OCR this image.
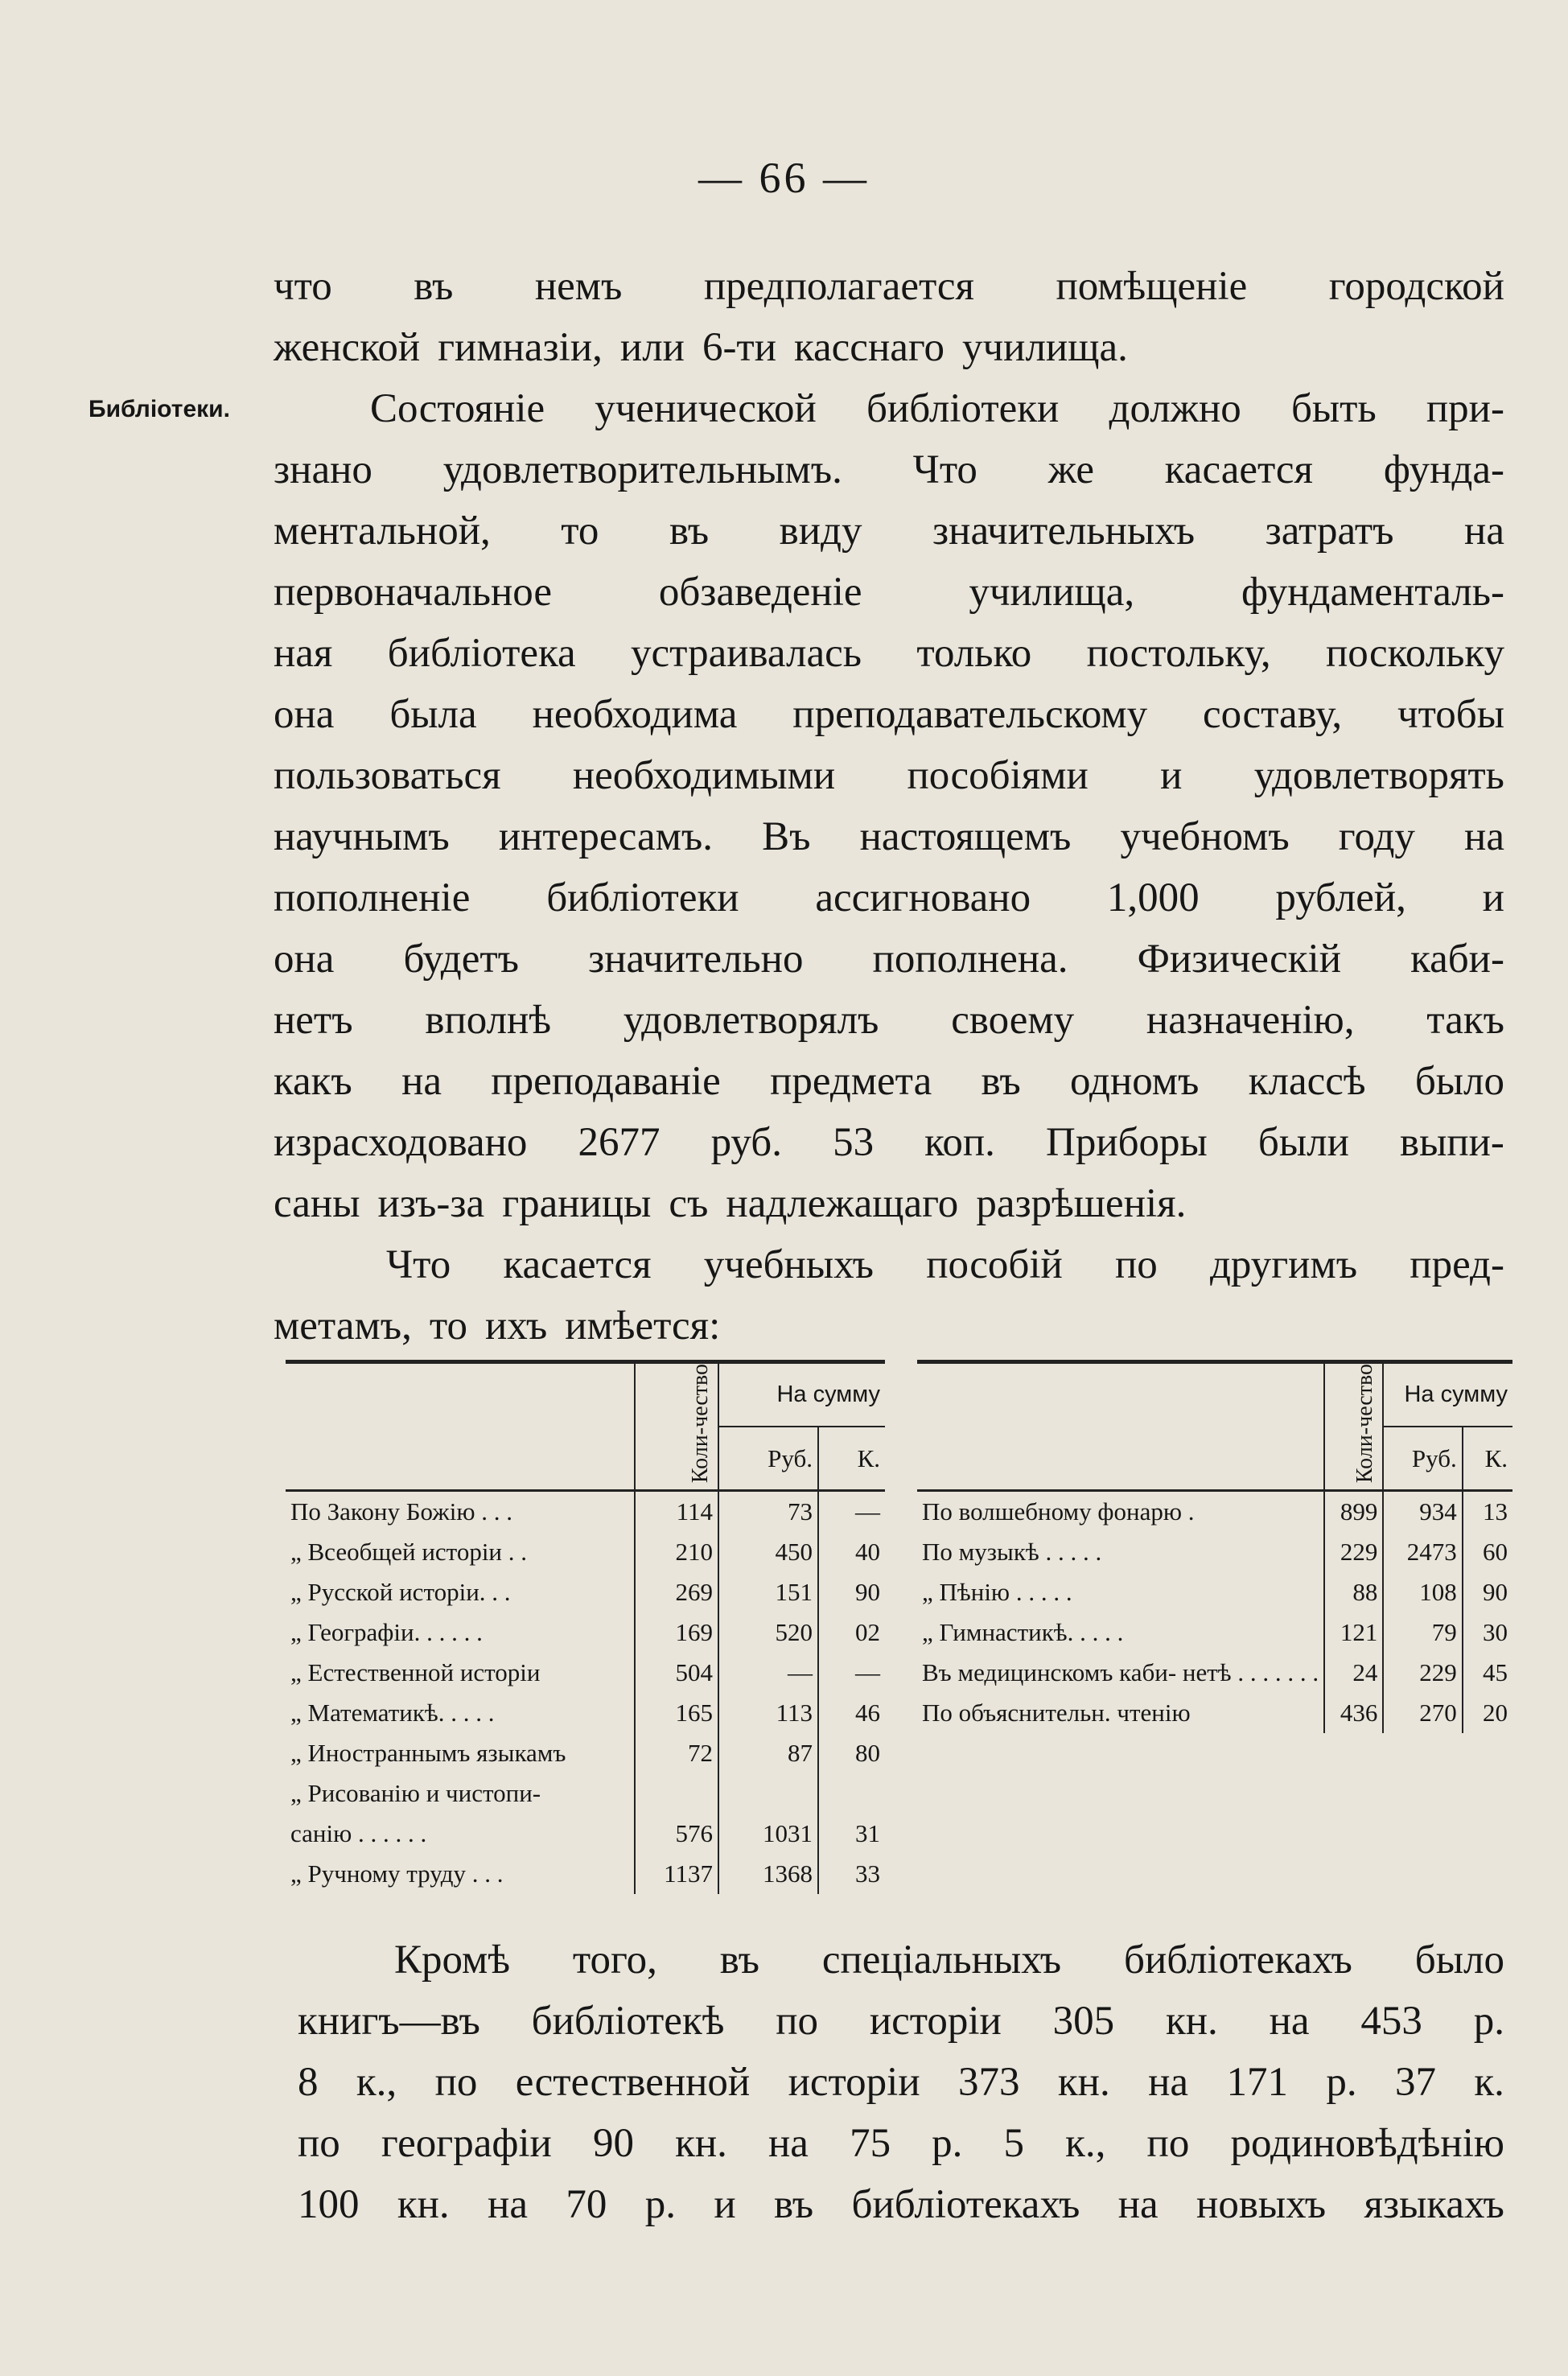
— 66 —
Библіотеки.
что въ немъ предполагается помѣщеніе городской
женской гимназіи, или 6-ти касснаго училища.
Состояніе ученической библіотеки должно быть при-
знано удовлетворительнымъ. Что же касается фунда-
ментальной, то въ виду значительныхъ затратъ на
первоначальное	обзаведеніе	училища,	фундаменталь-
ная библіотека устраивалась только постольку, поскольку
она была необходима преподавательскому составу, чтобы
пользоваться необходимыми пособіями и удовлетворять
научнымъ интересамъ. Въ настоящемъ учебномъ году на
пополненіе библіотеки ассигновано 1,000 рублей, и
она будетъ значительно пополнена. Физическій каби-
нетъ вполнѣ удовлетворялъ своему назначенію, такъ
какъ на преподаваніе предмета въ одномъ классѣ было
израсходовано 2677 руб. 53 коп. Приборы были выпи-
саны изъ-за границы съ надлежащаго разрѣшенія.
Что касается учебныхъ пособій по другимъ пред-
метамъ, то ихъ имѣется:
	Коли-чество	На сумму	
		Руб.	К.
По Закону Божію . . .	114	73	—
„ Всеобщей исторіи . .	210	450	40
„ Русской исторіи. . .	269	151	90
„ Географіи. . . . . .	169	520	02
„ Естественной исторіи	504	—	—
„ Математикѣ. . . . .	165	113	46
„ Иностраннымъ языкамъ	72	87	80
„ Рисованію и чистопи-			
санію . . . . . .	576	1031	31
„ Ручному труду . . .	1137	1368	33
	Коли-чество	На сумму	
		Руб.	К.
По волшебному фонарю .	899	934	13
По музыкѣ . . . . .	229	2473	60
„ Пѣнію . . . . .	88	108	90
„ Гимнастикѣ. . . . .	121	79	30
Въ медицинскомъ каби- нетѣ . . . . . . .	24	229	45
По объяснительн. чтенію	436	270	20
Кромѣ того, въ спеціальныхъ библіотекахъ было
книгъ—въ библіотекѣ по исторіи 305 кн. на 453 р.
8 к., по естественной исторіи 373 кн. на 171 р. 37 к.
по географіи 90 кн. на 75 р. 5 к., по родиновѣдѣнію
100 кн. на 70 р. и въ библіотекахъ на новыхъ языкахъ
